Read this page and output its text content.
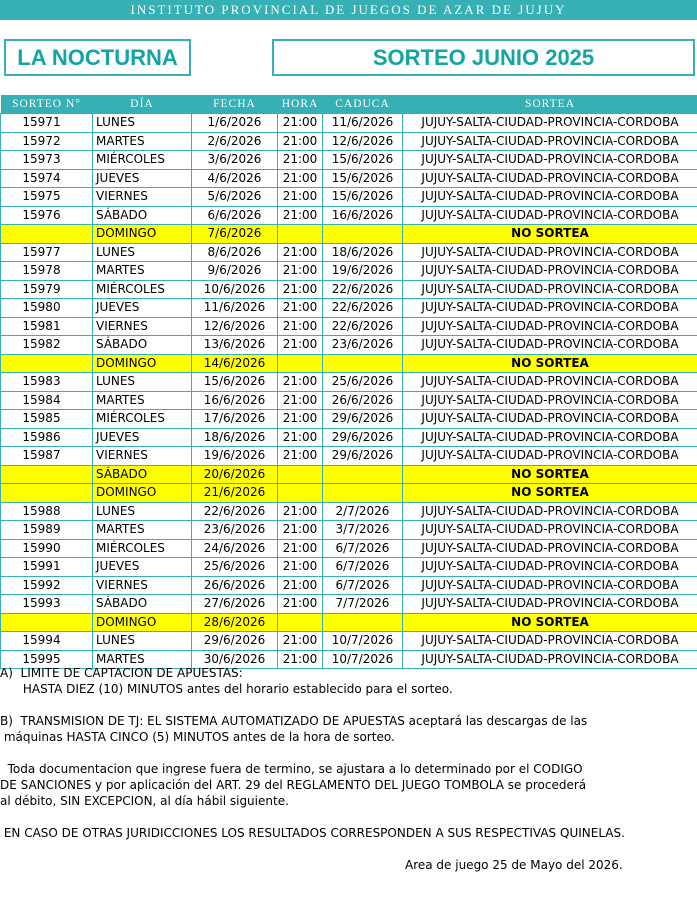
INSTITUTO PROVINCIAL DE JUEGOS DE AZAR DE JUJUY
LA NOCTURNA	SORTEO JUNIO 2025
SORTEO N°	DÍA	FECHA	HORA	CADUCA	SORTEA
15971	LUNES	1/6/2026	21:00	11/6/2026	JUJUY-SALTA-CIUDAD-PROVINCIA-CORDOBA
15972	MARTES	2/6/2026	21:00	12/6/2026	JUJUY-SALTA-CIUDAD-PROVINCIA-CORDOBA
15973	MIÉRCOLES	3/6/2026	21:00	15/6/2026	JUJUY-SALTA-CIUDAD-PROVINCIA-CORDOBA
15974	JUEVES	4/6/2026	21:00	15/6/2026	JUJUY-SALTA-CIUDAD-PROVINCIA-CORDOBA
15975	VIERNES	5/6/2026	21:00	15/6/2026	JUJUY-SALTA-CIUDAD-PROVINCIA-CORDOBA
15976	SÁBADO	6/6/2026	21:00	16/6/2026	JUJUY-SALTA-CIUDAD-PROVINCIA-CORDOBA
	DOMINGO	7/6/2026			NO SORTEA
15977	LUNES	8/6/2026	21:00	18/6/2026	JUJUY-SALTA-CIUDAD-PROVINCIA-CORDOBA
15978	MARTES	9/6/2026	21:00	19/6/2026	JUJUY-SALTA-CIUDAD-PROVINCIA-CORDOBA
15979	MIÉRCOLES	10/6/2026	21:00	22/6/2026	JUJUY-SALTA-CIUDAD-PROVINCIA-CORDOBA
15980	JUEVES	11/6/2026	21:00	22/6/2026	JUJUY-SALTA-CIUDAD-PROVINCIA-CORDOBA
15981	VIERNES	12/6/2026	21:00	22/6/2026	JUJUY-SALTA-CIUDAD-PROVINCIA-CORDOBA
15982	SÁBADO	13/6/2026	21:00	23/6/2026	JUJUY-SALTA-CIUDAD-PROVINCIA-CORDOBA
	DOMINGO	14/6/2026			NO SORTEA
15983	LUNES	15/6/2026	21:00	25/6/2026	JUJUY-SALTA-CIUDAD-PROVINCIA-CORDOBA
15984	MARTES	16/6/2026	21:00	26/6/2026	JUJUY-SALTA-CIUDAD-PROVINCIA-CORDOBA
15985	MIÉRCOLES	17/6/2026	21:00	29/6/2026	JUJUY-SALTA-CIUDAD-PROVINCIA-CORDOBA
15986	JUEVES	18/6/2026	21:00	29/6/2026	JUJUY-SALTA-CIUDAD-PROVINCIA-CORDOBA
15987	VIERNES	19/6/2026	21:00	29/6/2026	JUJUY-SALTA-CIUDAD-PROVINCIA-CORDOBA
	SÁBADO	20/6/2026			NO SORTEA
	DOMINGO	21/6/2026			NO SORTEA
15988	LUNES	22/6/2026	21:00	2/7/2026	JUJUY-SALTA-CIUDAD-PROVINCIA-CORDOBA
15989	MARTES	23/6/2026	21:00	3/7/2026	JUJUY-SALTA-CIUDAD-PROVINCIA-CORDOBA
15990	MIÉRCOLES	24/6/2026	21:00	6/7/2026	JUJUY-SALTA-CIUDAD-PROVINCIA-CORDOBA
15991	JUEVES	25/6/2026	21:00	6/7/2026	JUJUY-SALTA-CIUDAD-PROVINCIA-CORDOBA
15992	VIERNES	26/6/2026	21:00	6/7/2026	JUJUY-SALTA-CIUDAD-PROVINCIA-CORDOBA
15993	SÁBADO	27/6/2026	21:00	7/7/2026	JUJUY-SALTA-CIUDAD-PROVINCIA-CORDOBA
	DOMINGO	28/6/2026			NO SORTEA
15994	LUNES	29/6/2026	21:00	10/7/2026	JUJUY-SALTA-CIUDAD-PROVINCIA-CORDOBA
15995	MARTES	30/6/2026	21:00	10/7/2026	JUJUY-SALTA-CIUDAD-PROVINCIA-CORDOBA

A)  LIMITE DE CAPTACION DE APUESTAS:

HASTA DIEZ (10) MINUTOS antes del horario establecido para el sorteo.

B)  TRANSMISION DE TJ: EL SISTEMA AUTOMATIZADO DE APUESTAS aceptará las descargas de las

máquinas HASTA CINCO (5) MINUTOS antes de la hora de sorteo.

Toda documentacion que ingrese fuera de termino, se ajustara a lo determinado por el CODIGO

DE SANCIONES y por aplicación del ART. 29 del REGLAMENTO DEL JUEGO TOMBOLA se procederá

al débito, SIN EXCEPCION, al día hábil siguiente.

EN CASO DE OTRAS JURIDICCIONES LOS RESULTADOS CORRESPONDEN A SUS RESPECTIVAS QUINELAS.

Area de juego 25 de Mayo del 2026.
